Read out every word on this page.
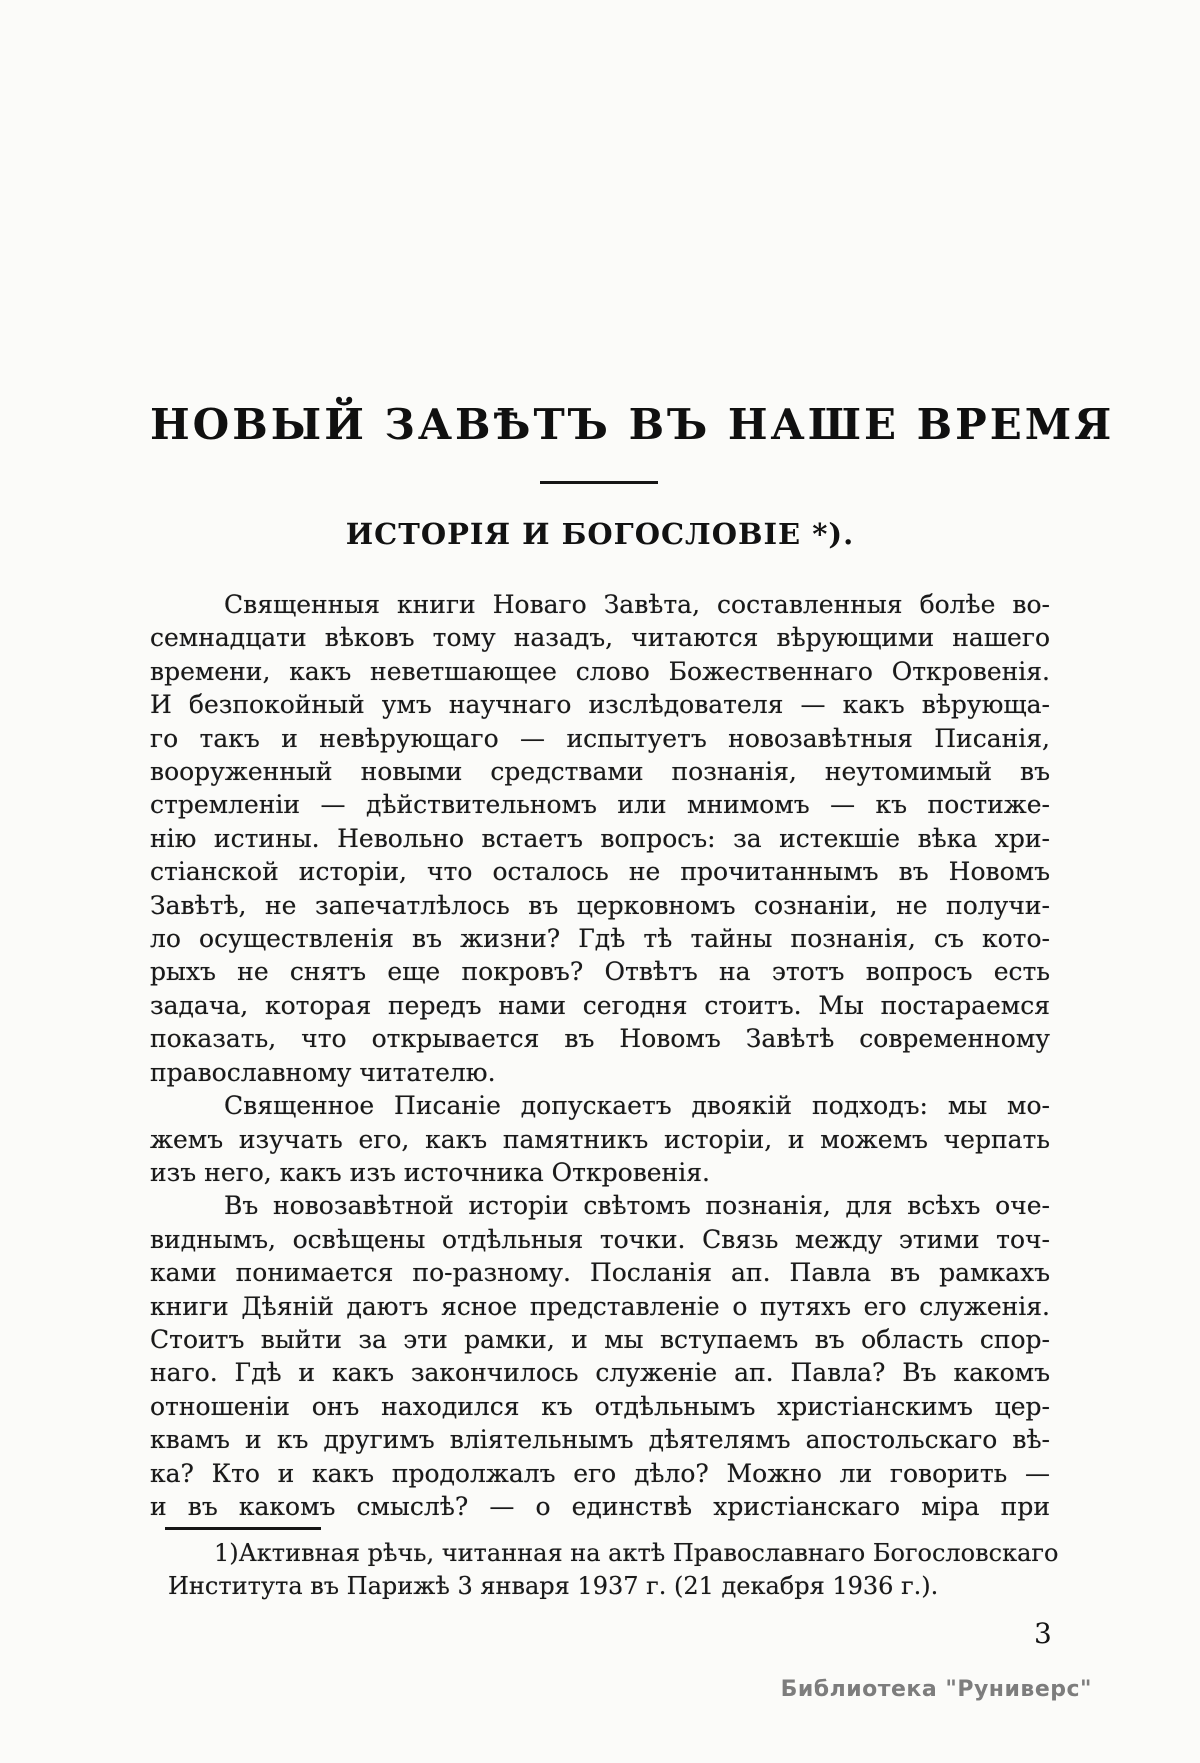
НОВЫЙ ЗАВѢТЪ ВЪ НАШЕ ВРЕМЯ
ИСТОРІЯ И БОГОСЛОВІЕ *).
Священныя книги Новаго Завѣта, составленныя болѣе во-
семнадцати вѣковъ тому назадъ, читаются вѣрующими нашего
времени, какъ неветшающее слово Божественнаго Откровенія.
И безпокойный умъ научнаго изслѣдователя — какъ вѣрующа-
го такъ и невѣрующаго — испытуетъ новозавѣтныя Писанія,
вооруженный новыми средствами познанія, неутомимый въ
стремленіи — дѣйствительномъ или мнимомъ — къ постиже-
нію истины. Невольно встаетъ вопросъ: за истекшіе вѣка хри-
стіанской исторіи, что осталось не прочитаннымъ въ Новомъ
Завѣтѣ, не запечатлѣлось въ церковномъ сознаніи, не получи-
ло осуществленія въ жизни? Гдѣ тѣ тайны познанія, съ кото-
рыхъ не снятъ еще покровъ? Отвѣтъ на этотъ вопросъ есть
задача, которая передъ нами сегодня стоитъ. Мы постараемся
показать, что открывается въ Новомъ Завѣтѣ современному
православному читателю.
Священное Писаніе допускаетъ двоякій подходъ: мы мо-
жемъ изучать его, какъ памятникъ исторіи, и можемъ черпать
изъ него, какъ изъ источника Откровенія.
Въ новозавѣтной исторіи свѣтомъ познанія, для всѣхъ оче-
виднымъ, освѣщены отдѣльныя точки. Связь между этими точ-
ками понимается по-разному. Посланія ап. Павла въ рамкахъ
книги Дѣяній даютъ ясное представленіе о путяхъ его служенія.
Стоитъ выйти за эти рамки, и мы вступаемъ въ область спор-
наго. Гдѣ и какъ закончилось служеніе ап. Павла? Въ какомъ
отношеніи онъ находился къ отдѣльнымъ христіанскимъ цер-
квамъ и къ другимъ вліятельнымъ дѣятелямъ апостольскаго вѣ-
ка? Кто и какъ продолжалъ его дѣло? Можно ли говорить —
и въ какомъ смыслѣ? — о единствѣ христіанскаго міра при
1)Активная рѣчь, читанная на актѣ Православнаго Богословскаго
Института въ Парижѣ 3 января 1937 г. (21 декабря 1936 г.).
3
Библиотека "Руниверс"
